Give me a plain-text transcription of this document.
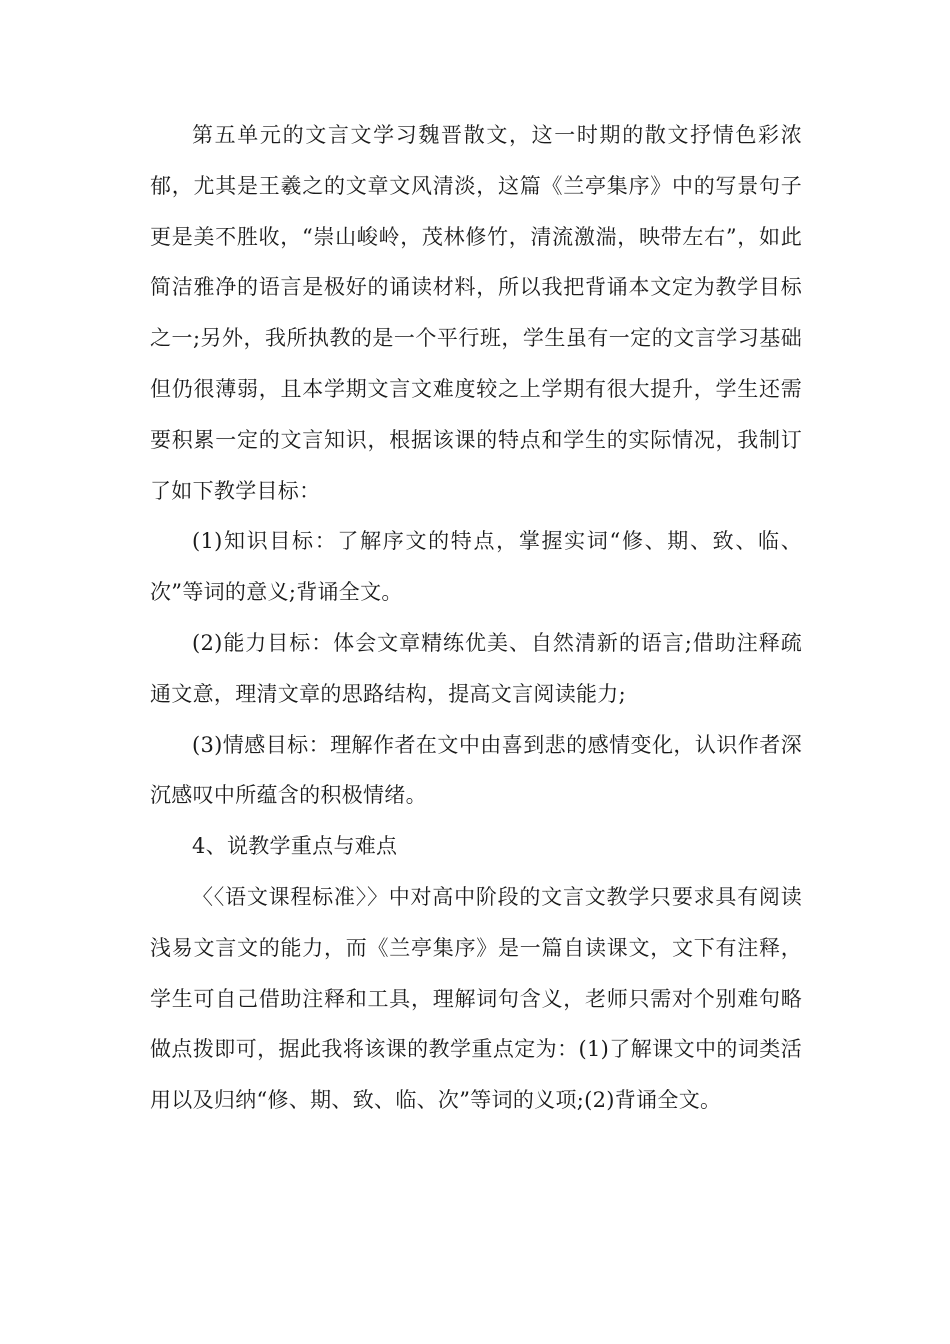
第五单元的文言文学习魏晋散文，这一时期的散文抒情色彩浓郁，尤其是王羲之的文章文风清淡，这篇《兰亭集序》中的写景句子更是美不胜收，“崇山峻岭，茂林修竹，清流激湍，映带左右”，如此简洁雅净的语言是极好的诵读材料，所以我把背诵本文定为教学目标之一;另外，我所执教的是一个平行班，学生虽有一定的文言学习基础但仍很薄弱，且本学期文言文难度较之上学期有很大提升，学生还需要积累一定的文言知识，根据该课的特点和学生的实际情况，我制订了如下教学目标：

(1)知识目标：了解序文的特点，掌握实词“修、期、致、临、次”等词的意义;背诵全文。

(2)能力目标：体会文章精练优美、自然清新的语言;借助注释疏通文意，理清文章的思路结构，提高文言阅读能力;

(3)情感目标：理解作者在文中由喜到悲的感情变化，认识作者深沉感叹中所蕴含的积极情绪。

4、说教学重点与难点

〈〈语文课程标准〉〉中对高中阶段的文言文教学只要求具有阅读浅易文言文的能力，而《兰亭集序》是一篇自读课文，文下有注释，学生可自己借助注释和工具，理解词句含义，老师只需对个别难句略做点拨即可，据此我将该课的教学重点定为：(1)了解课文中的词类活用以及归纳“修、期、致、临、次”等词的义项;(2)背诵全文。
